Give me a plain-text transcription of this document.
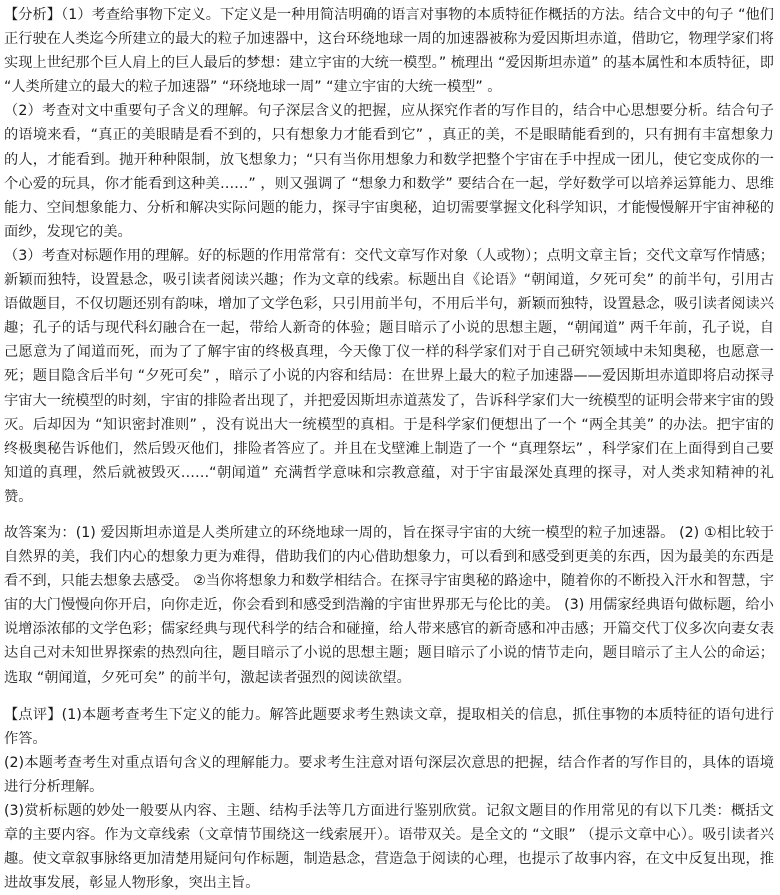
【分析】（1）考查给事物下定义。下定义是一种用简洁明确的语言对事物的本质特征作概括的方法。结合文中的句子 “他们正行驶在人类迄今所建立的最大的粒子加速器中，这台环绕地球一周的加速器被称为爱因斯坦赤道，借助它，物理学家们将实现上世纪那个巨人肩上的巨人最后的梦想：建立宇宙的大统一模型。” 梳理出 “爱因斯坦赤道” 的基本属性和本质特征，即 “人类所建立的最大的粒子加速器” “环绕地球一周” “建立宇宙的大统一模型” 。

（2）考查对文中重要句子含义的理解。句子深层含义的把握，应从探究作者的写作目的，结合中心思想要分析。结合句子的语境来看，“真正的美眼睛是看不到的，只有想象力才能看到它” ，真正的美，不是眼睛能看到的，只有拥有丰富想象力的人，才能看到。抛开种种限制，放飞想象力；“只有当你用想象力和数学把整个宇宙在手中捏成一团儿，使它变成你的一个心爱的玩具，你才能看到这种美……” ，则又强调了 “想象力和数学” 要结合在一起，学好数学可以培养运算能力、思维能力、空间想象能力、分析和解决实际问题的能力，探寻宇宙奥秘，迫切需要掌握文化科学知识，才能慢慢解开宇宙神秘的面纱，发现它的美。

（3）考查对标题作用的理解。好的标题的作用常常有：交代文章写作对象（人或物）；点明文章主旨；交代文章写作情感；新颖而独特，设置悬念，吸引读者阅读兴趣；作为文章的线索。标题出自《论语》“朝闻道，夕死可矣” 的前半句，引用古语做题目，不仅切题还别有韵味，增加了文学色彩，只引用前半句，不用后半句，新颖而独特，设置悬念，吸引读者阅读兴趣；孔子的话与现代科幻融合在一起，带给人新奇的体验；题目暗示了小说的思想主题，“朝闻道” 两千年前，孔子说，自己愿意为了闻道而死，而为了了解宇宙的终极真理，今天像丁仪一样的科学家们对于自己研究领域中未知奥秘，也愿意一死；题目隐含后半句 “夕死可矣” ，暗示了小说的内容和结局：在世界上最大的粒子加速器——爱因斯坦赤道即将启动探寻宇宙大一统模型的时刻，宇宙的排险者出现了，并把爱因斯坦赤道蒸发了，告诉科学家们大一统模型的证明会带来宇宙的毁灭。后却因为 “知识密封准则” ，没有说出大一统模型的真相。于是科学家们便想出了一个 “两全其美” 的办法。把宇宙的终极奥秘告诉他们，然后毁灭他们，排险者答应了。并且在戈壁滩上制造了一个 “真理祭坛” ，科学家们在上面得到自己要知道的真理，然后就被毁灭……“朝闻道” 充满哲学意味和宗教意蕴，对于宇宙最深处真理的探寻，对人类求知精神的礼赞。

故答案为：(1) 爱因斯坦赤道是人类所建立的环绕地球一周的，旨在探寻宇宙的大统一模型的粒子加速器。 (2) ①相比较于自然界的美，我们内心的想象力更为难得，借助我们的内心借助想象力，可以看到和感受到更美的东西，因为最美的东西是看不到，只能去想象去感受。 ②当你将想象力和数学相结合。在探寻宇宙奥秘的路途中，随着你的不断投入汗水和智慧，宇宙的大门慢慢向你开启，向你走近，你会看到和感受到浩瀚的宇宙世界那无与伦比的美。 (3) 用儒家经典语句做标题，给小说增添浓郁的文学色彩；儒家经典与现代科学的结合和碰撞，给人带来感官的新奇感和冲击感；开篇交代丁仪多次向妻女表达自己对未知世界探索的热烈向往，题目暗示了小说的思想主题；题目暗示了小说的情节走向，题目暗示了主人公的命运；选取 “朝闻道，夕死可矣” 的前半句，激起读者强烈的阅读欲望。

【点评】(1)本题考查考生下定义的能力。解答此题要求考生熟读文章，提取相关的信息，抓住事物的本质特征的语句进行作答。

(2)本题考查考生对重点语句含义的理解能力。要求考生注意对语句深层次意思的把握，结合作者的写作目的，具体的语境进行分析理解。

(3)赏析标题的妙处一般要从内容、主题、结构手法等几方面进行鉴别欣赏。记叙文题目的作用常见的有以下几类：概括文章的主要内容。作为文章线索（文章情节围绕这一线索展开）。语带双关。是全文的 “文眼” （提示文章中心）。吸引读者兴趣。使文章叙事脉络更加清楚用疑问句作标题，制造悬念，营造急于阅读的心理，也提示了故事内容，在文中反复出现，推进故事发展，彰显人物形象，突出主旨。
